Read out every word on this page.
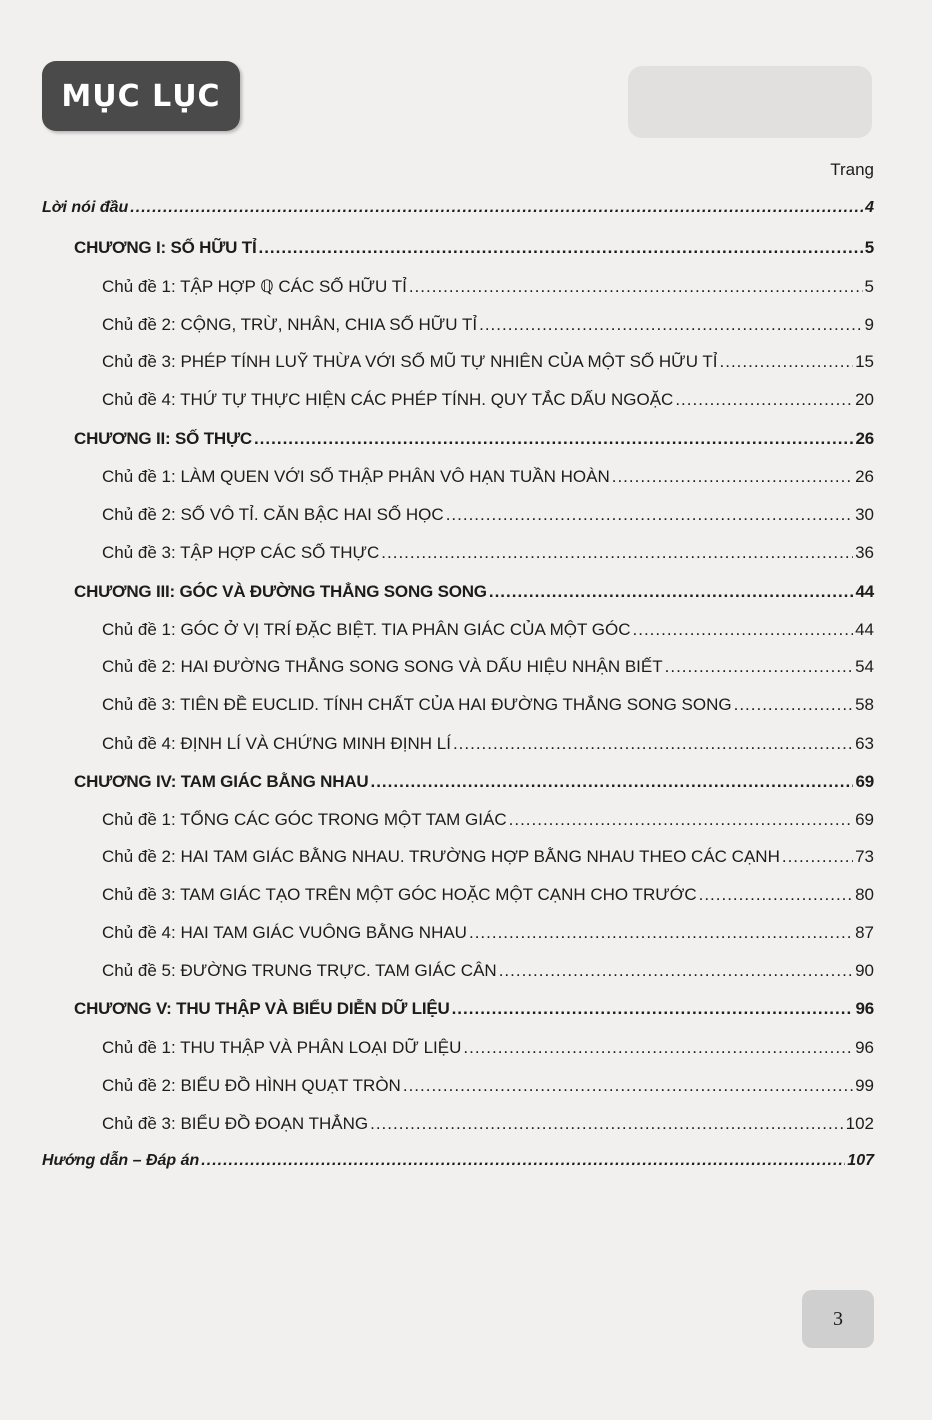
MỤC LỤC
Trang
Lời nói đầu .....	4
CHƯƠNG I: SỐ HỮU TỈ .....	5
Chủ đề 1: TẬP HỢP ℚ CÁC SỐ HỮU TỈ .....	5
Chủ đề 2: CỘNG, TRỪ, NHÂN, CHIA SỐ HỮU TỈ .....	9
Chủ đề 3: PHÉP TÍNH LUỸ THỪA VỚI SỐ MŨ TỰ NHIÊN CỦA MỘT SỐ HỮU TỈ .....	15
Chủ đề 4: THỨ TỰ THỰC HIỆN CÁC PHÉP TÍNH. QUY TẮC DẤU NGOẶC .....	20
CHƯƠNG II: SỐ THỰC .....	26
Chủ đề 1: LÀM QUEN VỚI SỐ THẬP PHÂN VÔ HẠN TUẦN HOÀN .....	26
Chủ đề 2: SỐ VÔ TỈ. CĂN BẬC HAI SỐ HỌC .....	30
Chủ đề 3: TẬP HỢP CÁC SỐ THỰC .....	36
CHƯƠNG III: GÓC VÀ ĐƯỜNG THẲNG SONG SONG .....	44
Chủ đề 1: GÓC Ở VỊ TRÍ ĐẶC BIỆT. TIA PHÂN GIÁC CỦA MỘT GÓC .....	44
Chủ đề 2: HAI ĐƯỜNG THẲNG SONG SONG VÀ DẤU HIỆU NHẬN BIẾT .....	54
Chủ đề 3: TIÊN ĐỀ EUCLID. TÍNH CHẤT CỦA HAI ĐƯỜNG THẲNG SONG SONG .....	58
Chủ đề 4: ĐỊNH LÍ VÀ CHỨNG MINH ĐỊNH LÍ .....	63
CHƯƠNG IV: TAM GIÁC BẰNG NHAU .....	69
Chủ đề 1: TỔNG CÁC GÓC TRONG MỘT TAM GIÁC .....	69
Chủ đề 2: HAI TAM GIÁC BẰNG NHAU. TRƯỜNG HỢP BẰNG NHAU THEO CÁC CẠNH .....	73
Chủ đề 3: TAM GIÁC TẠO TRÊN MỘT GÓC HOẶC MỘT CẠNH CHO TRƯỚC .....	80
Chủ đề 4: HAI TAM GIÁC VUÔNG BẰNG NHAU .....	87
Chủ đề 5: ĐƯỜNG TRUNG TRỰC. TAM GIÁC CÂN .....	90
CHƯƠNG V: THU THẬP VÀ BIỂU DIỄN DỮ LIỆU .....	96
Chủ đề 1: THU THẬP VÀ PHÂN LOẠI DỮ LIỆU .....	96
Chủ đề 2: BIỂU ĐỒ HÌNH QUẠT TRÒN .....	99
Chủ đề 3: BIỂU ĐỒ ĐOẠN THẲNG .....	102
Hướng dẫn – Đáp án .....	107
3
